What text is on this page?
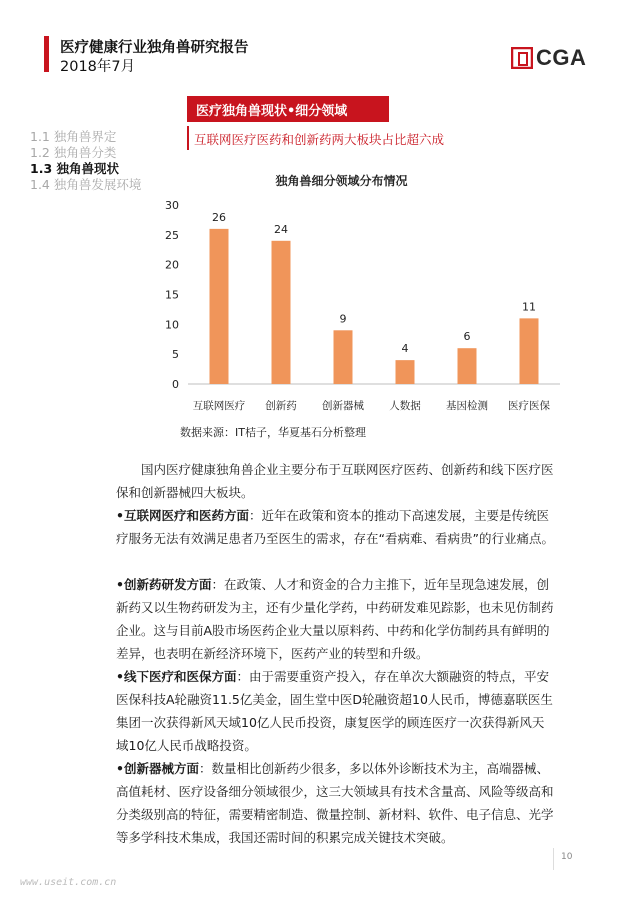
医疗健康行业独角兽研究报告
2018年7月	CGA
医疗独角兽现状•细分领域
互联网医疗医药和创新药两大板块占比超六成
1.1 独角兽界定
1.2 独角兽分类
1.3 独角兽现状
1.4 独角兽发展环境	独角兽细分领域分布情况
0
5
10
15
20
25
30
26
互联网医疗
24
创新药
9
创新器械
4
人数据
6
基因检测
11
医疗医保
数据来源：IT桔子，华夏基石分析整理
国内医疗健康独角兽企业主要分布于互联网医疗医药、创新药和线下医疗医保和创新器械四大板块。
•互联网医疗和医药方面：近年在政策和资本的推动下高速发展，主要是传统医疗服务无法有效满足患者乃至医生的需求，存在“看病难、看病贵”的行业痛点。
•创新药研发方面：在政策、人才和资金的合力主推下，近年呈现急速发展，创新药又以生物药研发为主，还有少量化学药，中药研发难见踪影，也未见仿制药企业。这与目前A股市场医药企业大量以原料药、中药和化学仿制药具有鲜明的差异，也表明在新经济环境下，医药产业的转型和升级。
•线下医疗和医保方面：由于需要重资产投入，存在单次大额融资的特点，平安医保科技A轮融资11.5亿美金，固生堂中医D轮融资超10人民币，博德嘉联医生集团一次获得新风天域10亿人民币投资，康复医学的顾连医疗一次获得新风天域10亿人民币战略投资。
•创新器械方面：数量相比创新药少很多，多以体外诊断技术为主，高端器械、高值耗材、医疗设备细分领域很少，这三大领域具有技术含量高、风险等级高和分类级别高的特征，需要精密制造、微量控制、新材料、软件、电子信息、光学等多学科技术集成，我国还需时间的积累完成关键技术突破。
10
www.useit.com.cn
